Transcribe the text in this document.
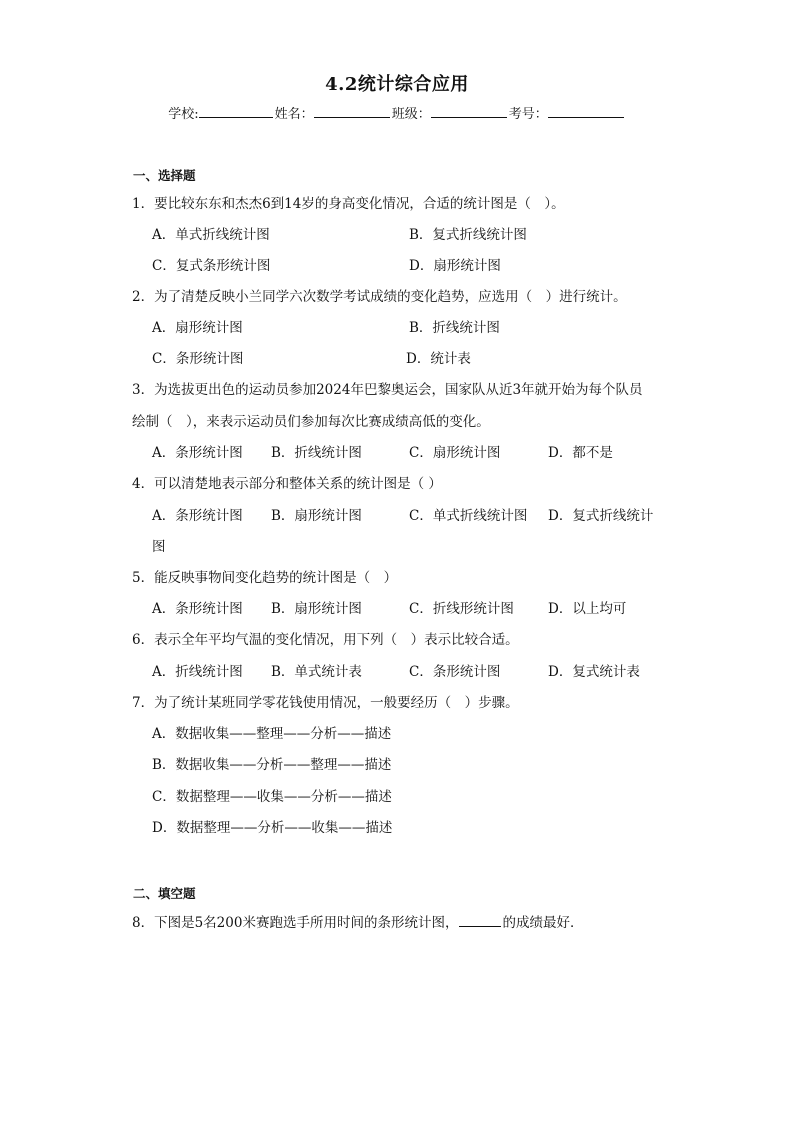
4.2统计综合应用
学校:	姓名：	班级：	考号：
一、选择题
1．要比较东东和杰杰6到14岁的身高变化情况，合适的统计图是（　）。
A．单式折线统计图	B．复式折线统计图
C．复式条形统计图	D．扇形统计图
2．为了清楚反映小兰同学六次数学考试成绩的变化趋势，应选用（　）进行统计。
A．扇形统计图	B．折线统计图
C．条形统计图	D．统计表
3．为选拔更出色的运动员参加2024年巴黎奥运会，国家队从近3年就开始为每个队员
绘制（　），来表示运动员们参加每次比赛成绩高低的变化。
A．条形统计图 B．折线统计图	C．扇形统计图	D．都不是
4．可以清楚地表示部分和整体关系的统计图是（ ）
A．条形统计图 B．扇形统计图	C．单式折线统计图 D．复式折线统计
图
5．能反映事物间变化趋势的统计图是（　）
A．条形统计图 B．扇形统计图	C．折线形统计图	D．以上均可
6．表示全年平均气温的变化情况，用下列（　）表示比较合适。
A．折线统计图 B．单式统计表	C．条形统计图	D．复式统计表
7．为了统计某班同学零花钱使用情况，一般要经历（　）步骤。
A．数据收集——整理——分析——描述
B．数据收集——分析——整理——描述
C．数据整理——收集——分析——描述
D．数据整理——分析——收集——描述
二、填空题
8．下图是5名200米赛跑选手所用时间的条形统计图，	的成绩最好．
